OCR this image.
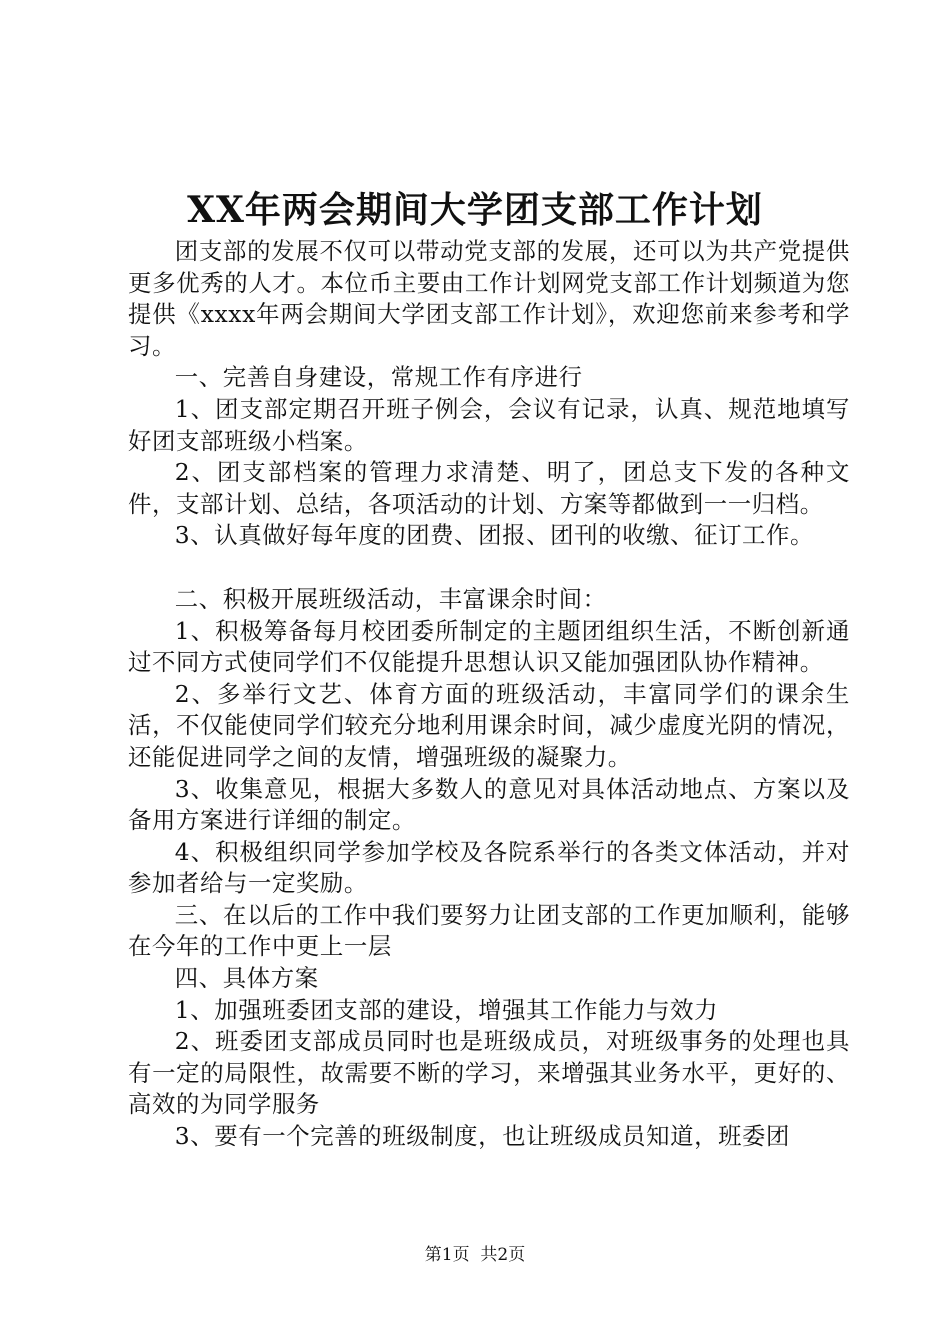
XX年两会期间大学团支部工作计划

团支部的发展不仅可以带动党支部的发展，还可以为共产党提供更多优秀的人才。本位币主要由工作计划网党支部工作计划频道为您提供《xxxx年两会期间大学团支部工作计划》，欢迎您前来参考和学习。

一、完善自身建设，常规工作有序进行

1、团支部定期召开班子例会，会议有记录，认真、规范地填写好团支部班级小档案。

2、团支部档案的管理力求清楚、明了，团总支下发的各种文件，支部计划、总结，各项活动的计划、方案等都做到一一归档。

3、认真做好每年度的团费、团报、团刊的收缴、征订工作。

二、积极开展班级活动，丰富课余时间：

1、积极筹备每月校团委所制定的主题团组织生活，不断创新通过不同方式使同学们不仅能提升思想认识又能加强团队协作精神。

2、多举行文艺、体育方面的班级活动，丰富同学们的课余生活，不仅能使同学们较充分地利用课余时间，减少虚度光阴的情况，还能促进同学之间的友情，增强班级的凝聚力。

3、收集意见，根据大多数人的意见对具体活动地点、方案以及备用方案进行详细的制定。

4、积极组织同学参加学校及各院系举行的各类文体活动，并对参加者给与一定奖励。

三、在以后的工作中我们要努力让团支部的工作更加顺利，能够在今年的工作中更上一层

四、具体方案

1、加强班委团支部的建设，增强其工作能力与效力

2、班委团支部成员同时也是班级成员，对班级事务的处理也具有一定的局限性，故需要不断的学习，来增强其业务水平，更好的、高效的为同学服务

3、要有一个完善的班级制度，也让班级成员知道，班委团

第1页  共2页
